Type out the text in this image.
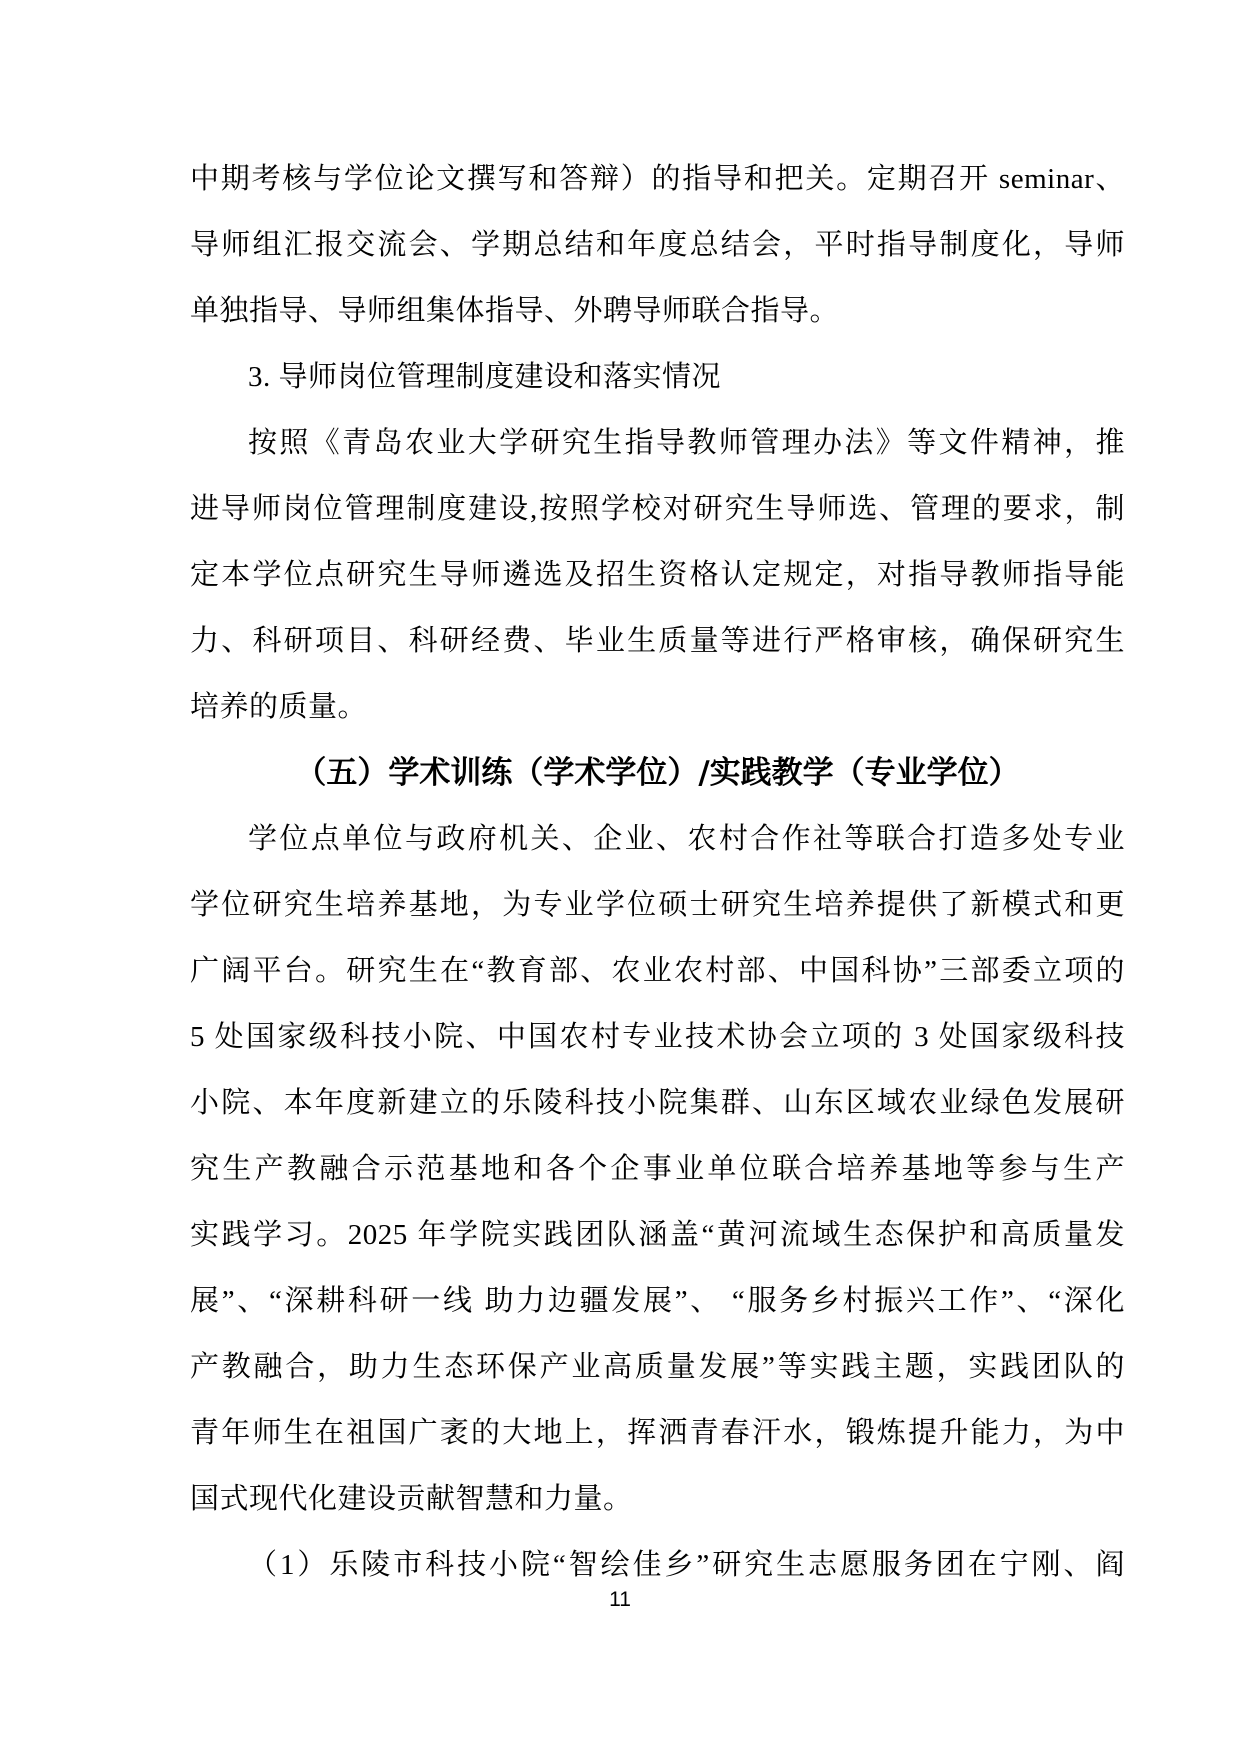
中期考核与学位论文撰写和答辩）的指导和把关。定期召开 seminar、
导师组汇报交流会、学期总结和年度总结会，平时指导制度化，导师
单独指导、导师组集体指导、外聘导师联合指导。
3. 导师岗位管理制度建设和落实情况
按照《青岛农业大学研究生指导教师管理办法》等文件精神，推
进导师岗位管理制度建设,按照学校对研究生导师选、管理的要求，制
定本学位点研究生导师遴选及招生资格认定规定，对指导教师指导能
力、科研项目、科研经费、毕业生质量等进行严格审核，确保研究生
培养的质量。
（五）学术训练（学术学位）/实践教学（专业学位）
学位点单位与政府机关、企业、农村合作社等联合打造多处专业
学位研究生培养基地，为专业学位硕士研究生培养提供了新模式和更
广阔平台。研究生在“教育部、农业农村部、中国科协”三部委立项的
5 处国家级科技小院、中国农村专业技术协会立项的 3 处国家级科技
小院、本年度新建立的乐陵科技小院集群、山东区域农业绿色发展研
究生产教融合示范基地和各个企事业单位联合培养基地等参与生产
实践学习。2025 年学院实践团队涵盖“黄河流域生态保护和高质量发
展”、“深耕科研一线 助力边疆发展”、 “服务乡村振兴工作”、“深化
产教融合，助力生态环保产业高质量发展”等实践主题，实践团队的
青年师生在祖国广袤的大地上，挥洒青春汗水，锻炼提升能力，为中
国式现代化建设贡献智慧和力量。
（1）乐陵市科技小院“智绘佳乡”研究生志愿服务团在宁刚、阎
11
